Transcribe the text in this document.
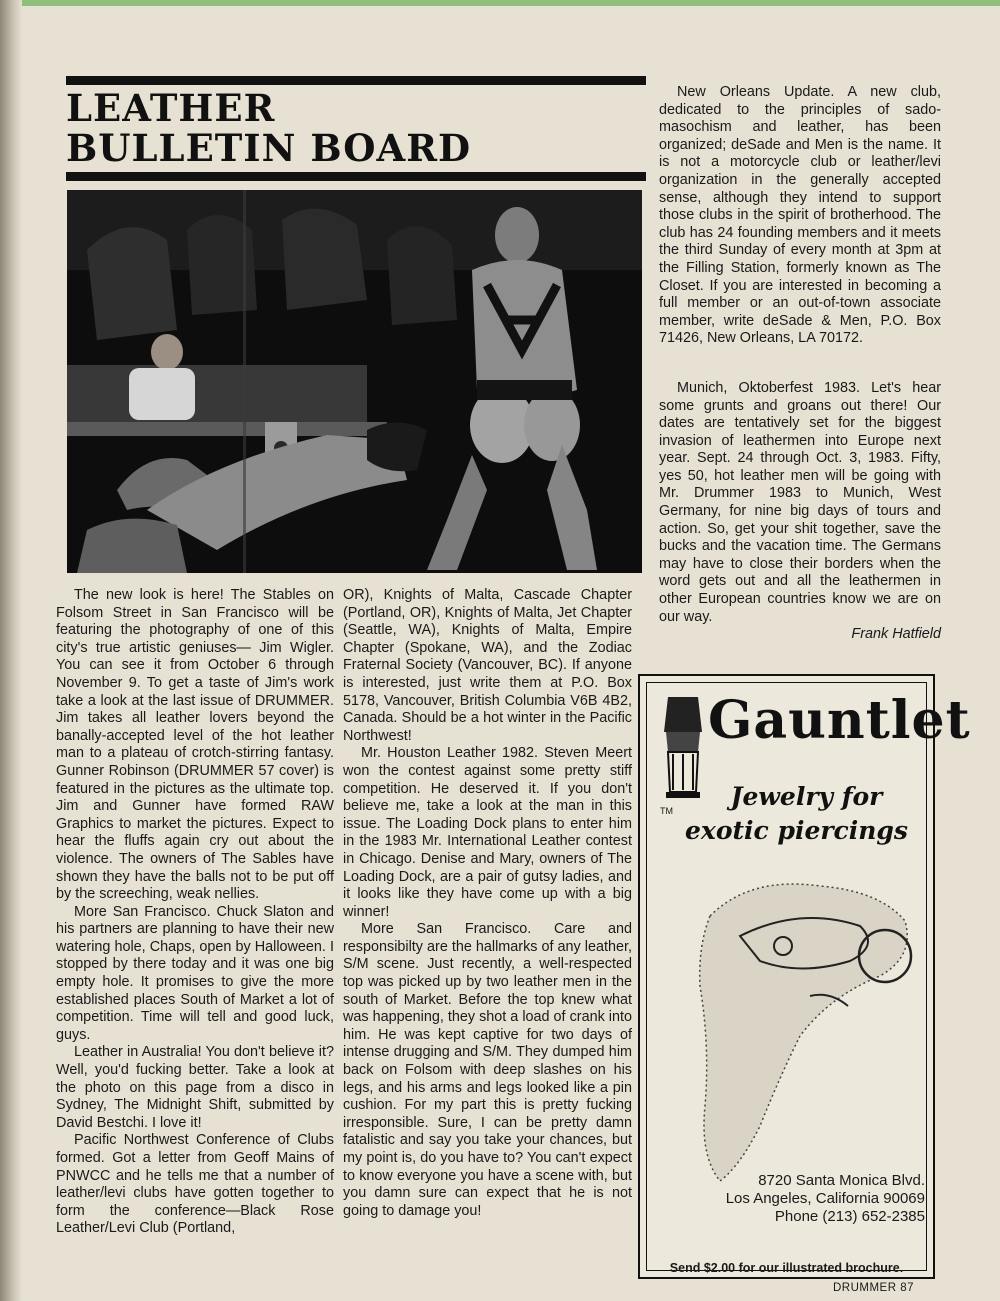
LEATHER
BULLETIN BOARD

The new look is here! The Stables on Folsom Street in San Francisco will be featuring the photography of one of this city's true artistic geniuses— Jim Wigler. You can see it from October 6 through November 9. To get a taste of Jim's work take a look at the last issue of DRUMMER. Jim takes all leather lovers beyond the banally-accepted level of the hot leather man to a plateau of crotch-stirring fantasy. Gunner Robinson (DRUMMER 57 cover) is featured in the pictures as the ultimate top. Jim and Gunner have formed RAW Graphics to market the pictures. Expect to hear the fluffs again cry out about the violence. The owners of The Sables have shown they have the balls not to be put off by the screeching, weak nellies.

More San Francisco. Chuck Slaton and his partners are planning to have their new watering hole, Chaps, open by Halloween. I stopped by there today and it was one big empty hole. It promises to give the more established places South of Market a lot of competition. Time will tell and good luck, guys.

Leather in Australia! You don't believe it? Well, you'd fucking better. Take a look at the photo on this page from a disco in Sydney, The Midnight Shift, submitted by David Bestchi. I love it!

Pacific Northwest Conference of Clubs formed. Got a letter from Geoff Mains of PNWCC and he tells me that a number of leather/levi clubs have gotten together to form the conference—Black Rose Leather/Levi Club (Portland,

OR), Knights of Malta, Cascade Chapter (Portland, OR), Knights of Malta, Jet Chapter (Seattle, WA), Knights of Malta, Empire Chapter (Spokane, WA), and the Zodiac Fraternal Society (Vancouver, BC). If anyone is interested, just write them at P.O. Box 5178, Vancouver, British Columbia V6B 4B2, Canada. Should be a hot winter in the Pacific Northwest!

Mr. Houston Leather 1982. Steven Meert won the contest against some pretty stiff competition. He deserved it. If you don't believe me, take a look at the man in this issue. The Loading Dock plans to enter him in the 1983 Mr. International Leather contest in Chicago. Denise and Mary, owners of The Loading Dock, are a pair of gutsy ladies, and it looks like they have come up with a big winner!

More San Francisco. Care and responsibilty are the hallmarks of any leather, S/M scene. Just recently, a well-respected top was picked up by two leather men in the south of Market. Before the top knew what was happening, they shot a load of crank into him. He was kept captive for two days of intense drugging and S/M. They dumped him back on Folsom with deep slashes on his legs, and his arms and legs looked like a pin cushion. For my part this is pretty fucking irresponsible. Sure, I can be pretty damn fatalistic and say you take your chances, but my point is, do you have to? You can't expect to know everyone you have a scene with, but you damn sure can expect that he is not going to damage you!

New Orleans Update. A new club, dedicated to the principles of sado-masochism and leather, has been organized; deSade and Men is the name. It is not a motorcycle club or leather/levi organization in the generally accepted sense, although they intend to support those clubs in the spirit of brotherhood. The club has 24 founding members and it meets the third Sunday of every month at 3pm at the Filling Station, formerly known as The Closet. If you are interested in becoming a full member or an out-of-town associate member, write deSade & Men, P.O. Box 71426, New Orleans, LA 70172.

Munich, Oktoberfest 1983. Let's hear some grunts and groans out there! Our dates are tentatively set for the biggest invasion of leathermen into Europe next year. Sept. 24 through Oct. 3, 1983. Fifty, yes 50, hot leather men will be going with Mr. Drummer 1983 to Munich, West Germany, for nine big days of tours and action. So, get your shit together, save the bucks and the vacation time. The Germans may have to close their borders when the word gets out and all the leathermen in other European countries know we are on our way.

Frank Hatfield

TM
Gauntlet
Jewelry for
exotic piercings
8720 Santa Monica Blvd.
Los Angeles, California 90069
Phone (213) 652-2385
Send $2.00 for our illustrated brochure.
DRUMMER 87
